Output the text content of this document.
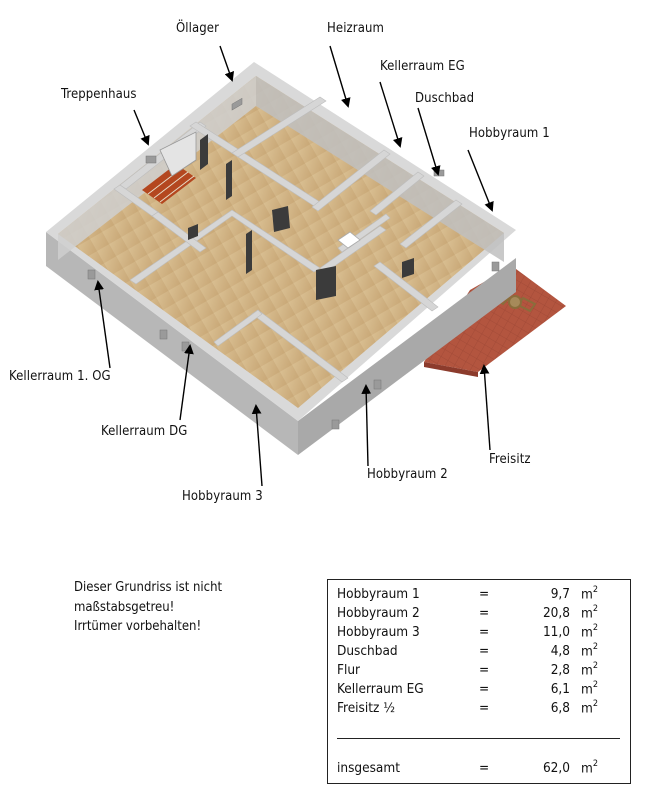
Öllager	Heizraum
Kellerraum EG
Treppenhaus	Duschbad
Hobbyraum 1
Kellerraum 1. OG
Kellerraum DG
Freisitz
Hobbyraum 2
Hobbyraum 3
Dieser Grundriss ist nicht
maßstabsgetreu!
Irrtümer vorbehalten!
Hobbyraum 1	=	9,7 $m^2$
Hobbyraum 2	=	20,8 $m^2$
Hobbyraum 3	=	11,0 $m^2$
Duschbad	=	4,8 $m^2$
Flur	=	2,8 $m^2$
Kellerraum EG	=	6,1 $m^2$
Freisitz ½	=	6,8 $m^2$
insgesamt	=	62,0 $m^2$
